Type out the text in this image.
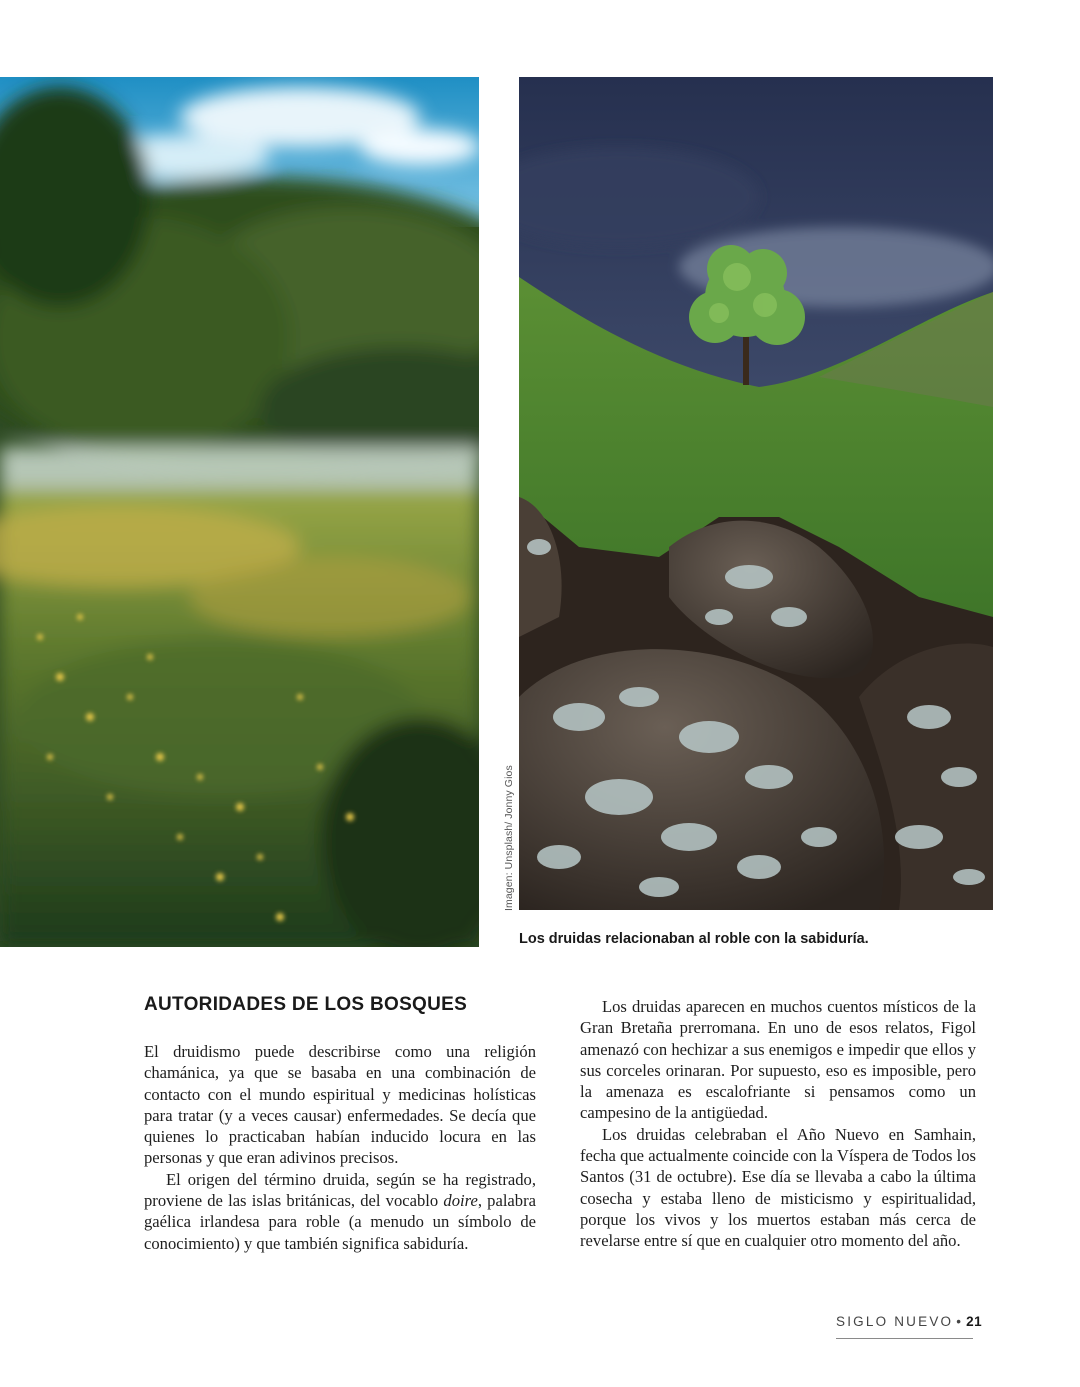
Imagen: Unsplash/ Jonny Gios
Los druidas relacionaban al roble con la sabiduría.
AUTORIDADES DE LOS BOSQUES

El druidismo puede describirse como una religión chamánica, ya que se basaba en una combinación de contacto con el mundo espiritual y medicinas holísticas para tratar (y a veces causar) enfermedades. Se decía que quienes lo practicaban habían inducido locura en las personas y que eran adivinos precisos.

El origen del término druida, según se ha registrado, proviene de las islas británicas, del vocablo doire, palabra gaélica irlandesa para roble (a menudo un símbolo de conocimiento) y que también significa sabiduría.

Los druidas aparecen en muchos cuentos místicos de la Gran Bretaña prerromana. En uno de esos relatos, Figol amenazó con hechizar a sus enemigos e impedir que ellos y sus corceles orinaran. Por supuesto, eso es imposible, pero la amenaza es escalofriante si pensamos como un campesino de la antigüedad.

Los druidas celebraban el Año Nuevo en Samhain, fecha que actualmente coincide con la Víspera de Todos los Santos (31 de octubre). Ese día se llevaba a cabo la última cosecha y estaba lleno de misticismo y espiritualidad, porque los vivos y los muertos estaban más cerca de revelarse entre sí que en cualquier otro momento del año.

SIGLO NUEVO • 21
